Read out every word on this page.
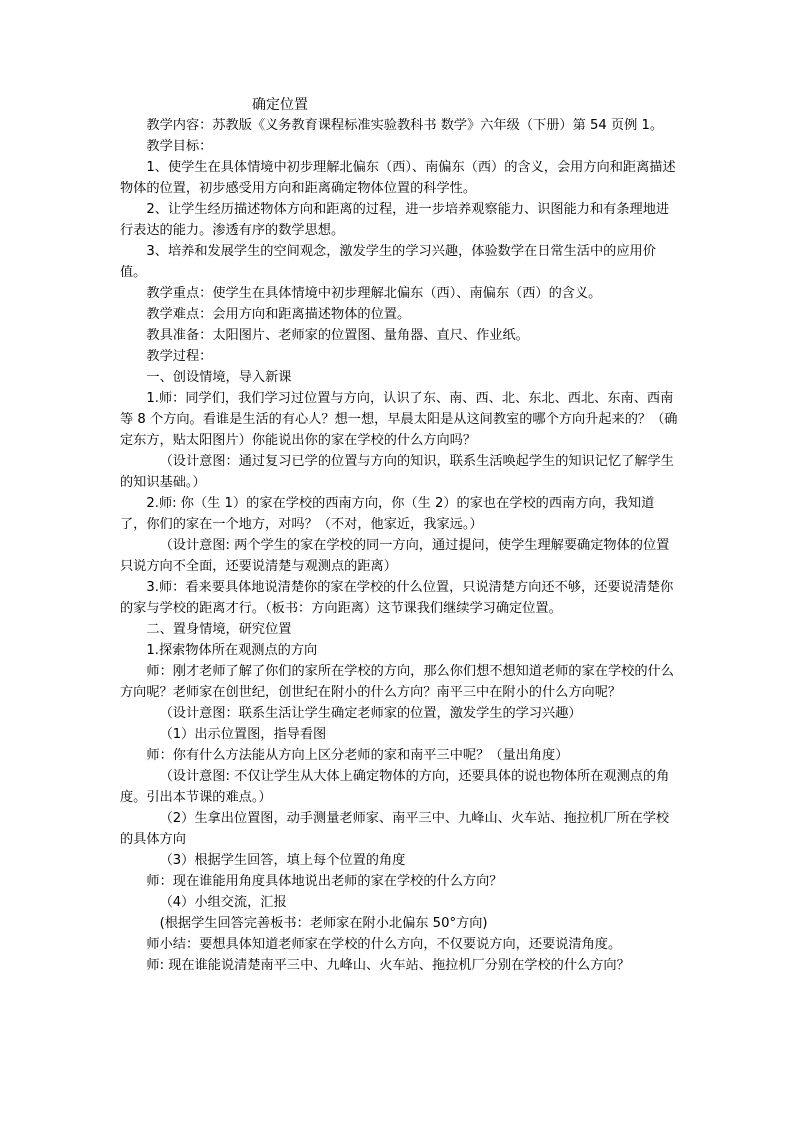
确定位置

教学内容：苏教版《义务教育课程标准实验教科书 数学》六年级（下册）第 54 页例 1。

教学目标：

1、使学生在具体情境中初步理解北偏东（西）、南偏东（西）的含义，会用方向和距离描述物体的位置，初步感受用方向和距离确定物体位置的科学性。

2、让学生经历描述物体方向和距离的过程，进一步培养观察能力、识图能力和有条理地进行表达的能力。渗透有序的数学思想。

3、培养和发展学生的空间观念，激发学生的学习兴趣，体验数学在日常生活中的应用价值。

教学重点：使学生在具体情境中初步理解北偏东（西）、南偏东（西）的含义。

教学难点：会用方向和距离描述物体的位置。

教具准备：太阳图片、老师家的位置图、量角器、直尺、作业纸。

教学过程：

一、创设情境，导入新课

1.师：同学们，我们学习过位置与方向，认识了东、南、西、北、东北、西北、东南、西南等 8 个方向。看谁是生活的有心人？想一想，早晨太阳是从这间教室的哪个方向升起来的？（确定东方，贴太阳图片）你能说出你的家在学校的什么方向吗？

（设计意图：通过复习已学的位置与方向的知识，联系生活唤起学生的知识记忆了解学生的知识基础。）

2.师: 你（生 1）的家在学校的西南方向，你（生 2）的家也在学校的西南方向，我知道了，你们的家在一个地方，对吗？（不对，他家近，我家远。）

（设计意图: 两个学生的家在学校的同一方向，通过提问，使学生理解要确定物体的位置只说方向不全面，还要说清楚与观测点的距离）

3.师：看来要具体地说清楚你的家在学校的什么位置，只说清楚方向还不够，还要说清楚你的家与学校的距离才行。（板书：方向距离）这节课我们继续学习确定位置。

二、置身情境，研究位置

1.探索物体所在观测点的方向

师：刚才老师了解了你们的家所在学校的方向，那么你们想不想知道老师的家在学校的什么方向呢？老师家在创世纪，创世纪在附小的什么方向？南平三中在附小的什么方向呢？

（设计意图：联系生活让学生确定老师家的位置，激发学生的学习兴趣）

（1）出示位置图，指导看图

师：你有什么方法能从方向上区分老师的家和南平三中呢？（量出角度）

（设计意图: 不仅让学生从大体上确定物体的方向，还要具体的说也物体所在观测点的角度。引出本节课的难点。）

（2）生拿出位置图，动手测量老师家、南平三中、九峰山、火车站、拖拉机厂所在学校的具体方向

（3）根据学生回答，填上每个位置的角度

师：现在谁能用角度具体地说出老师的家在学校的什么方向？

（4）小组交流，汇报

(根据学生回答完善板书：老师家在附小北偏东 50°方向)

师小结：要想具体知道老师家在学校的什么方向，不仅要说方向，还要说清角度。

师: 现在谁能说清楚南平三中、九峰山、火车站、拖拉机厂分别在学校的什么方向？
